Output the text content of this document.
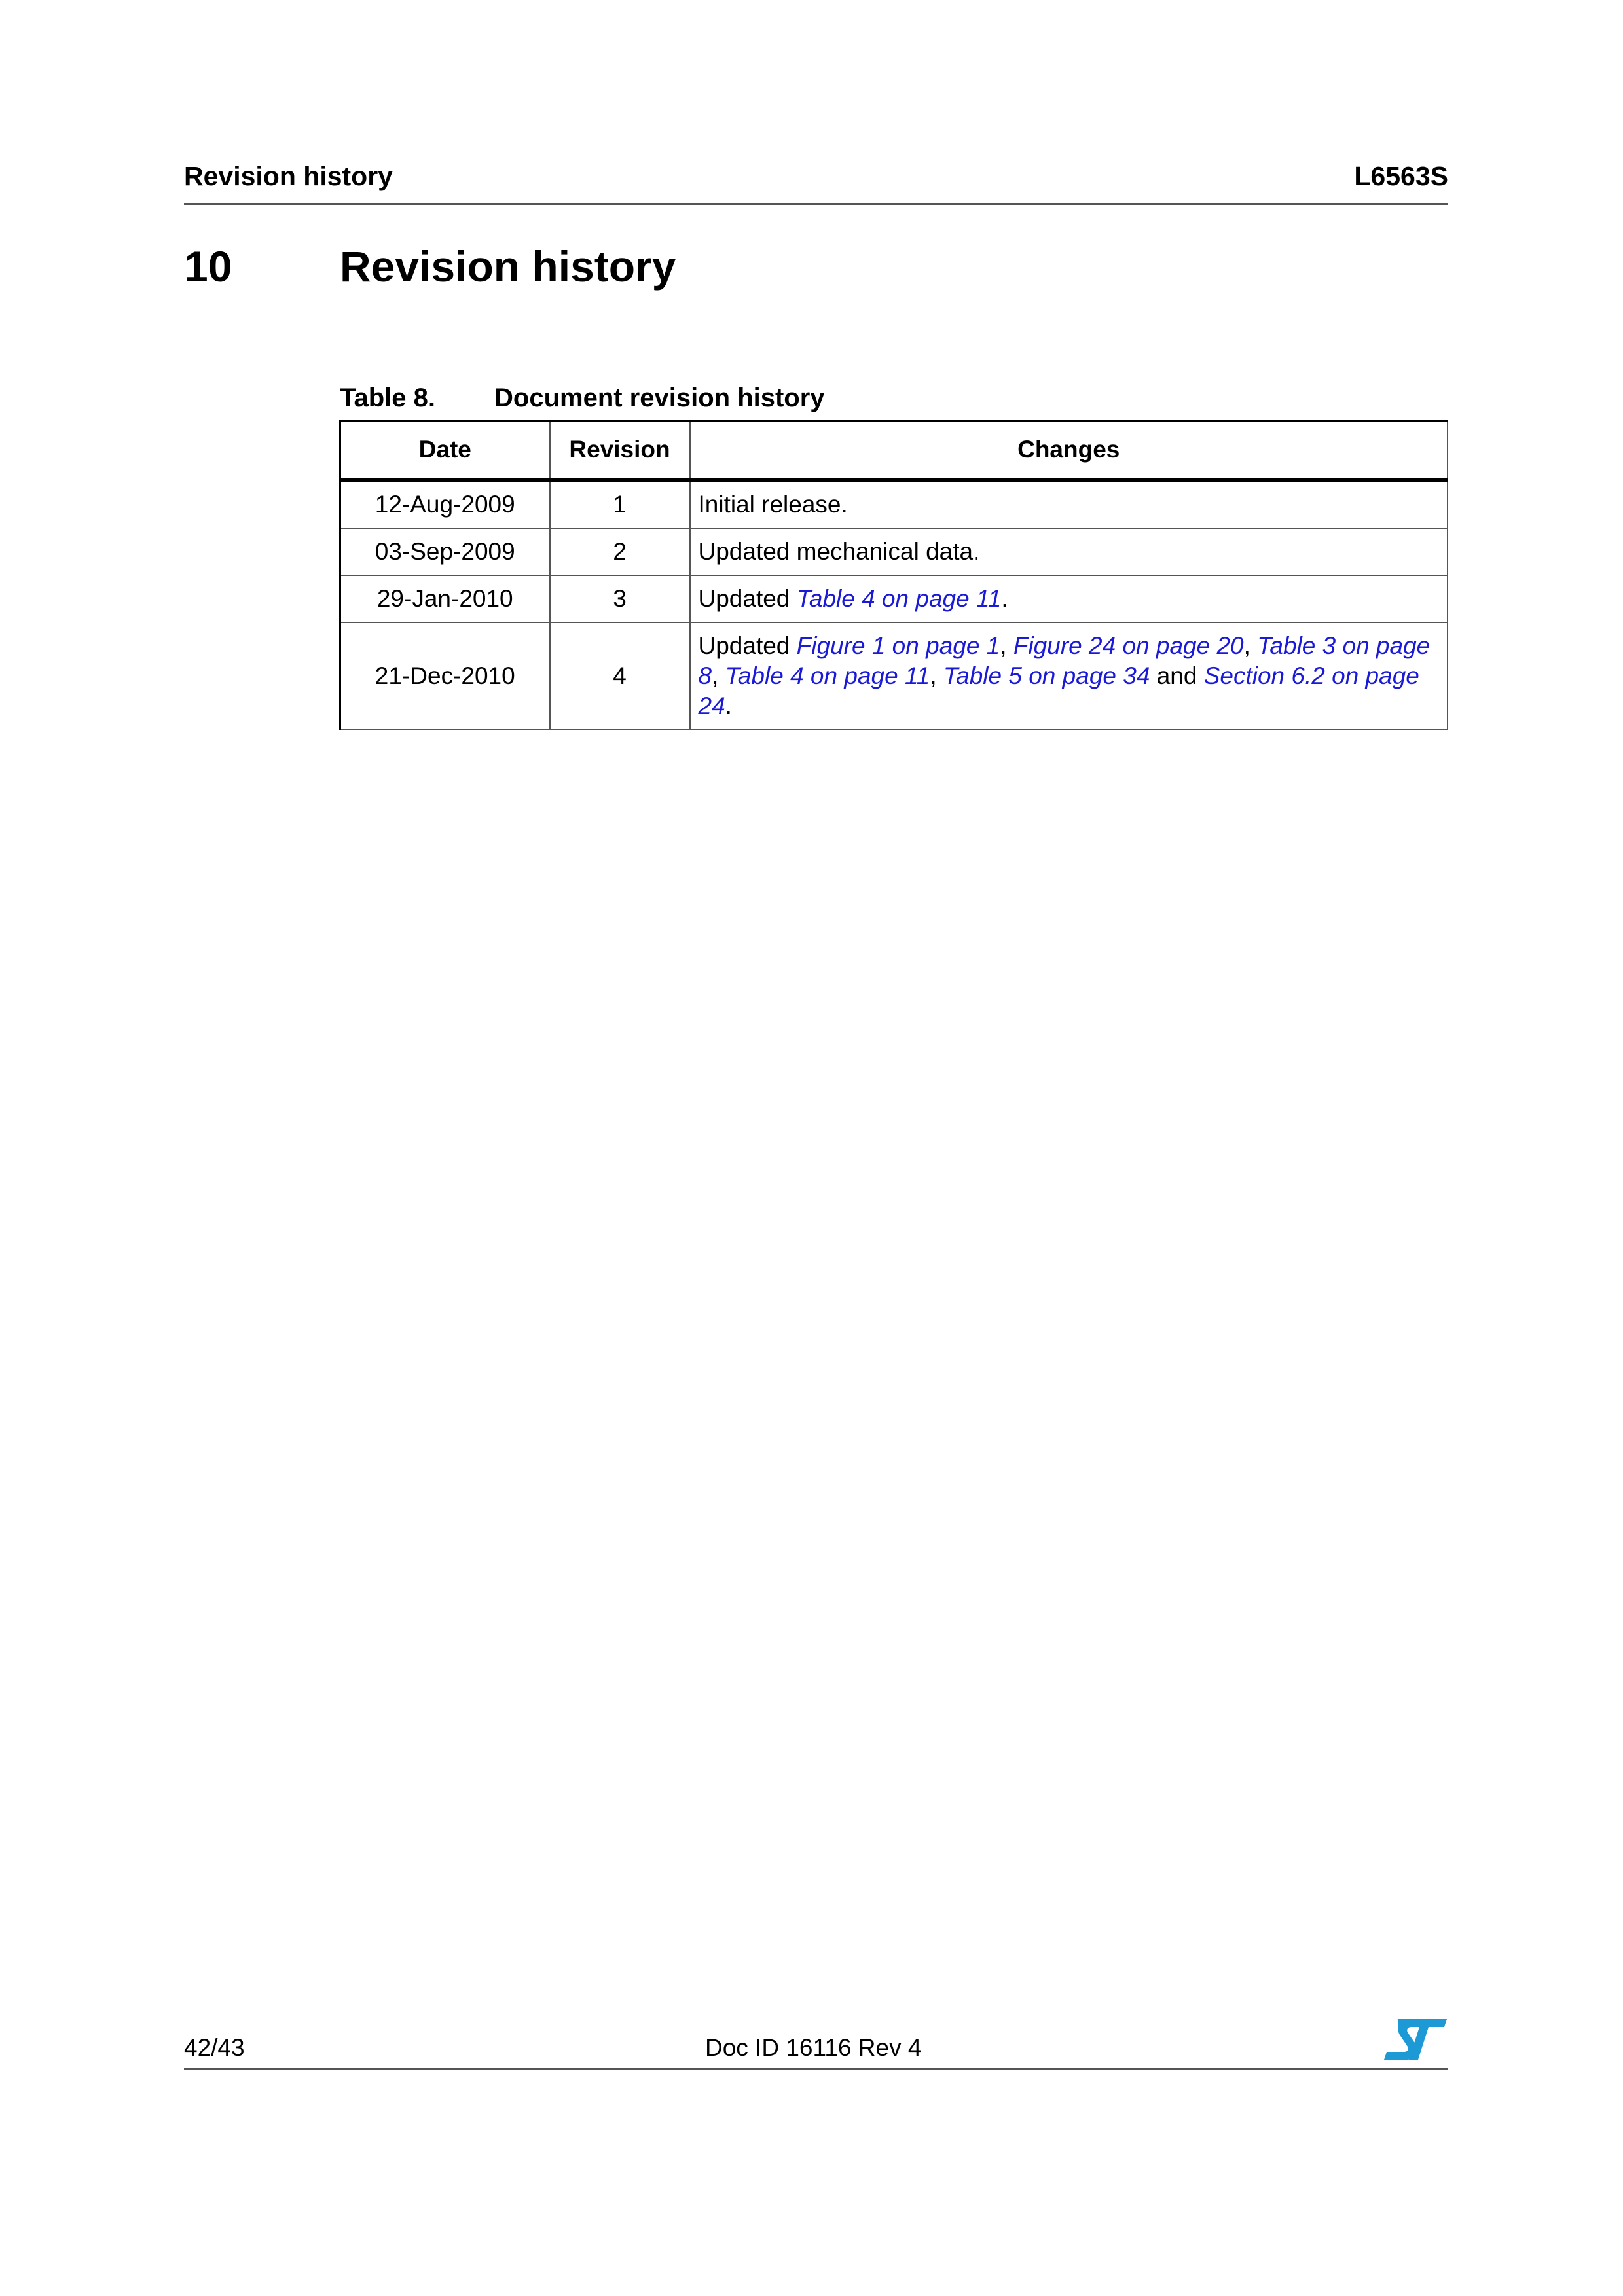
Revision history	L6563S
10 Revision history
Table 8. Document revision history
Date	Revision	Changes
12-Aug-2009	1	Initial release.
03-Sep-2009	2	Updated mechanical data.
29-Jan-2010	3	Updated Table 4 on page 11.
21-Dec-2010	4	Updated Figure 1 on page 1, Figure 24 on page 20, Table 3 on page 8, Table 4 on page 11, Table 5 on page 34 and Section 6.2 on page 24.
42/43	Doc ID 16116 Rev 4
